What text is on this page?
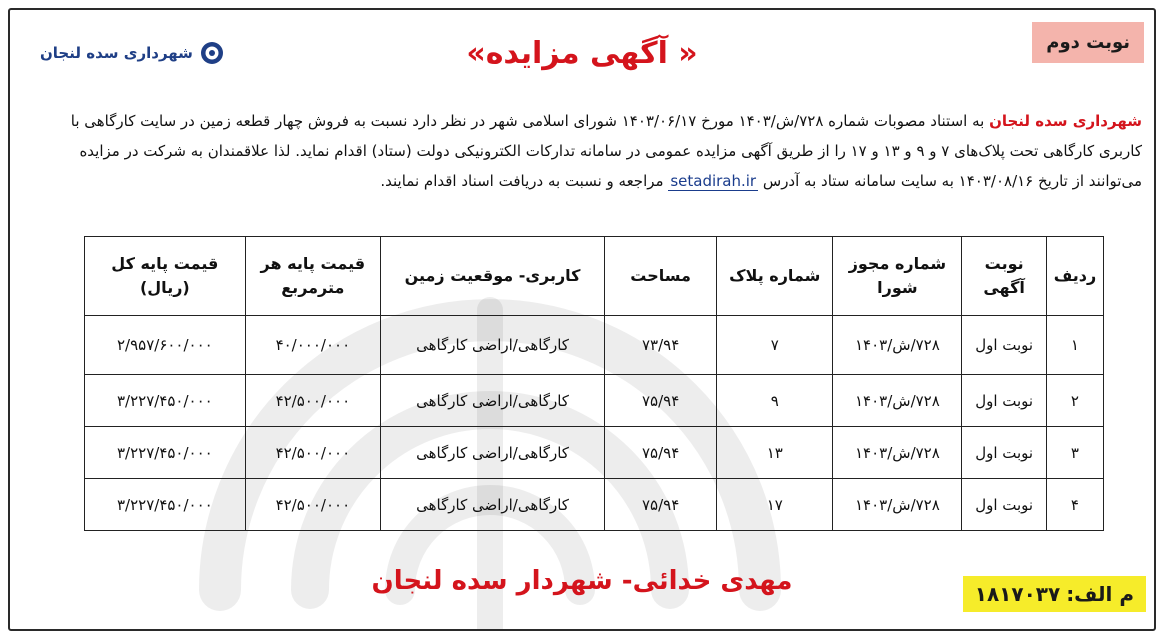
نوبت دوم
شهرداری سده لنجان	« آگهی مزایده»
شهرداری سده لنجان به استناد مصوبات شماره ۷۲۸/ش/۱۴۰۳ مورخ ۱۴۰۳/۰۶/۱۷ شورای اسلامی شهر در نظر دارد نسبت به فروش چهار قطعه زمین در سایت کارگاهی با کاربری کارگاهی تحت پلاک‌های ۷ و ۹ و ۱۳ و ۱۷ را از طریق آگهی مزایده عمومی در سامانه تدارکات الکترونیکی دولت (ستاد) اقدام نماید. لذا علاقمندان به شرکت در مزایده می‌توانند از تاریخ ۱۴۰۳/۰۸/۱۶ به سایت سامانه ستاد به آدرس setadirah.ir مراجعه و نسبت به دریافت اسناد اقدام نمایند.
ردیف	نوبت آگهی	شماره مجوز شورا	شماره پلاک	مساحت	کاربری- موقعیت زمین	قیمت پایه هر مترمربع	قیمت پایه کل (ریال)
۱	نوبت اول	۷۲۸/ش/۱۴۰۳	۷	۷۳/۹۴	کارگاهی/اراضی کارگاهی	۴۰/۰۰۰/۰۰۰	۲/۹۵۷/۶۰۰/۰۰۰
۲	نوبت اول	۷۲۸/ش/۱۴۰۳	۹	۷۵/۹۴	کارگاهی/اراضی کارگاهی	۴۲/۵۰۰/۰۰۰	۳/۲۲۷/۴۵۰/۰۰۰
۳	نوبت اول	۷۲۸/ش/۱۴۰۳	۱۳	۷۵/۹۴	کارگاهی/اراضی کارگاهی	۴۲/۵۰۰/۰۰۰	۳/۲۲۷/۴۵۰/۰۰۰
۴	نوبت اول	۷۲۸/ش/۱۴۰۳	۱۷	۷۵/۹۴	کارگاهی/اراضی کارگاهی	۴۲/۵۰۰/۰۰۰	۳/۲۲۷/۴۵۰/۰۰۰
مهدی خدائی- شهردار سده لنجان	م الف:۱۸۱۷۰۳۷
